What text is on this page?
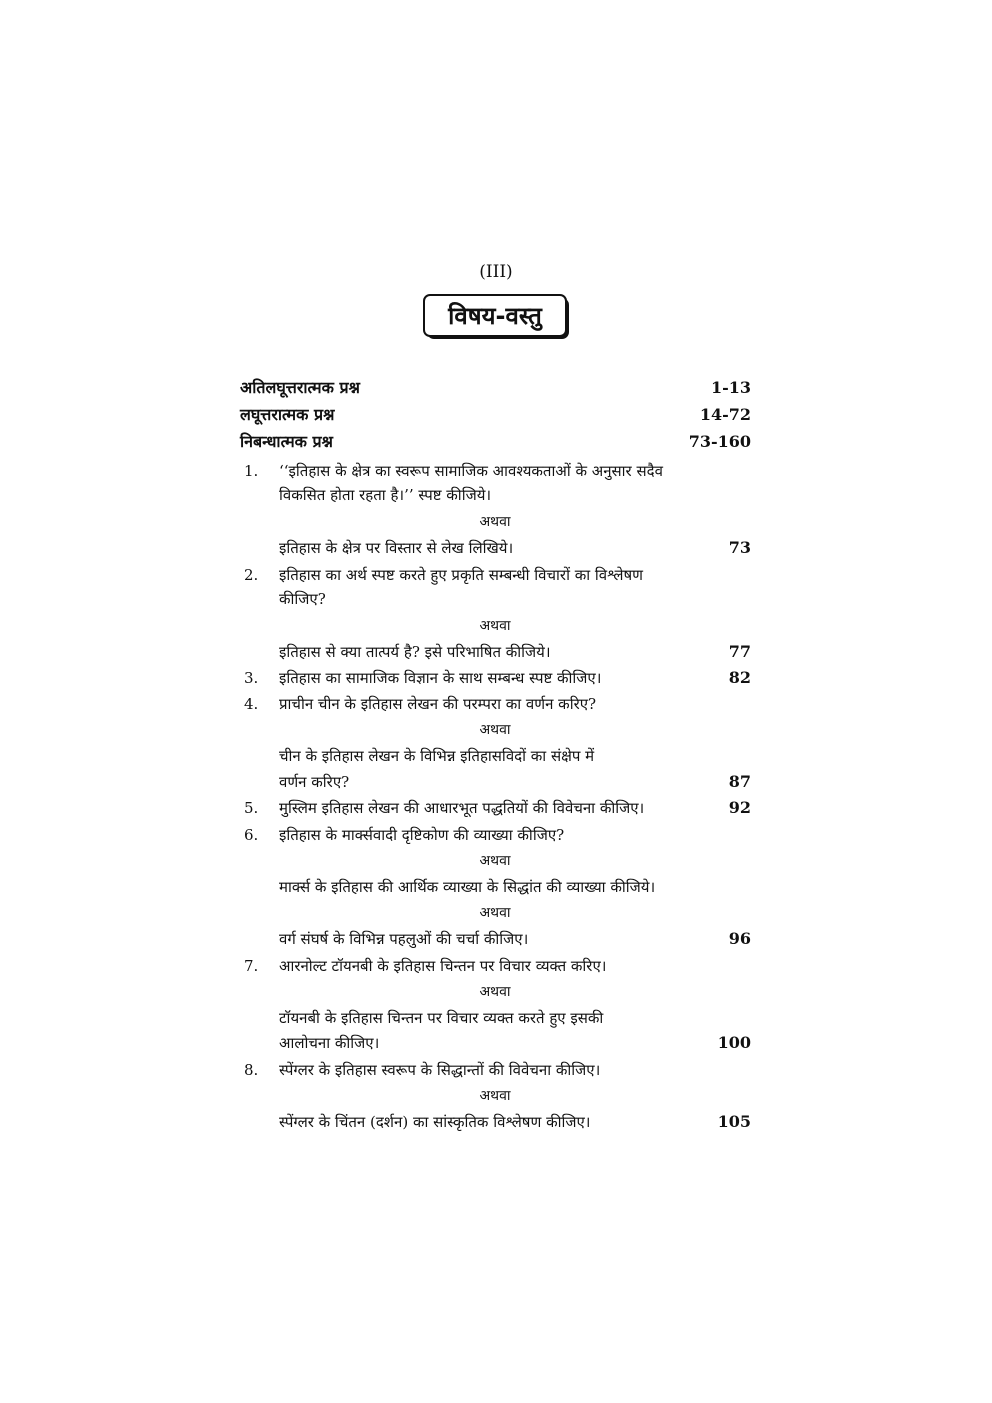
(III)
विषय-वस्तु
अतिलघूत्तरात्मक प्रश्न	1-13
लघूत्तरात्मक प्रश्न	14-72
निबन्धात्मक प्रश्न	73-160
1. ‘‘इतिहास के क्षेत्र का स्वरूप सामाजिक आवश्यकताओं के अनुसार सदैव
विकसित होता रहता है।’’ स्पष्ट कीजिये।
अथवा
इतिहास के क्षेत्र पर विस्तार से लेख लिखिये।	73
2. इतिहास का अर्थ स्पष्ट करते हुए प्रकृति सम्बन्धी विचारों का विश्लेषण
कीजिए?
अथवा
इतिहास से क्या तात्पर्य है? इसे परिभाषित कीजिये।	77
3. इतिहास का सामाजिक विज्ञान के साथ सम्बन्ध स्पष्ट कीजिए।	82
4. प्राचीन चीन के इतिहास लेखन की परम्परा का वर्णन करिए?
अथवा
चीन के इतिहास लेखन के विभिन्न इतिहासविदों का संक्षेप में
वर्णन करिए?	87
5. मुस्लिम इतिहास लेखन की आधारभूत पद्धतियों की विवेचना कीजिए।	92
6. इतिहास के मार्क्सवादी दृष्टिकोण की व्याख्या कीजिए?
अथवा
मार्क्स के इतिहास की आर्थिक व्याख्या के सिद्धांत की व्याख्या कीजिये।
अथवा
वर्ग संघर्ष के विभिन्न पहलुओं की चर्चा कीजिए।	96
7. आरनोल्ट टॉयनबी के इतिहास चिन्तन पर विचार व्यक्त करिए।
अथवा
टॉयनबी के इतिहास चिन्तन पर विचार व्यक्त करते हुए इसकी
आलोचना कीजिए।	100
8. स्पेंग्लर के इतिहास स्वरूप के सिद्धान्तों की विवेचना कीजिए।
अथवा
स्पेंग्लर के चिंतन (दर्शन) का सांस्कृतिक विश्लेषण कीजिए।	105
